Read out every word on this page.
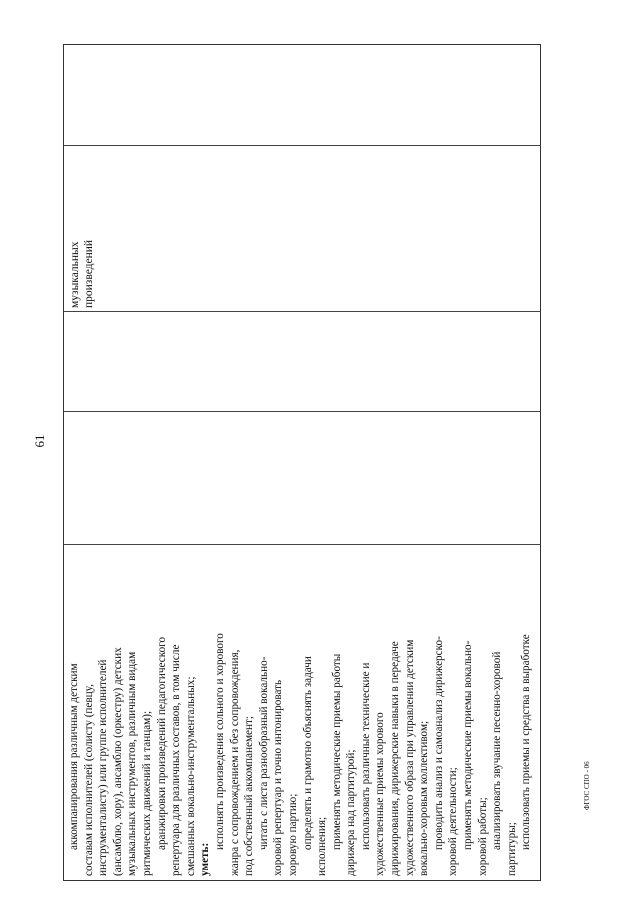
61
ФГОС СПО - 06

аккомпанирования различным детским составам исполнителей (солисту (певцу, инструменталисту) или группе исполнителей (ансамблю, хору), ансамблю (оркестру) детских музыкальных инструментов, различным видам ритмических движений и танцам); аранжировки произведений педагогического репертуара для различных составов, в том числе смешанных вокально-инструментальных; уметь:

исполнять произведения сольного и хорового жанра с сопровождением и без сопровождения, под собственный аккомпанемент; читать с листа разнообразный вокально- хоровой репертуар и точно интонировать хоровую партию; определять и грамотно объяснять задачи исполнения; применять методические приемы работы дирижера над партитурой; использовать различные технические и художественные приемы хорового дирижирования, дирижерские навыки в передаче художественного образа при управлении детским вокально-хоровым коллективом; проводить анализ и самоанализ дирижерско- хоровой деятельности; применять методические приемы вокально- хоровой работы; анализировать звучание песенно-хоровой партитуры; использовать приемы и средства в выработке

музыкальных произведений
